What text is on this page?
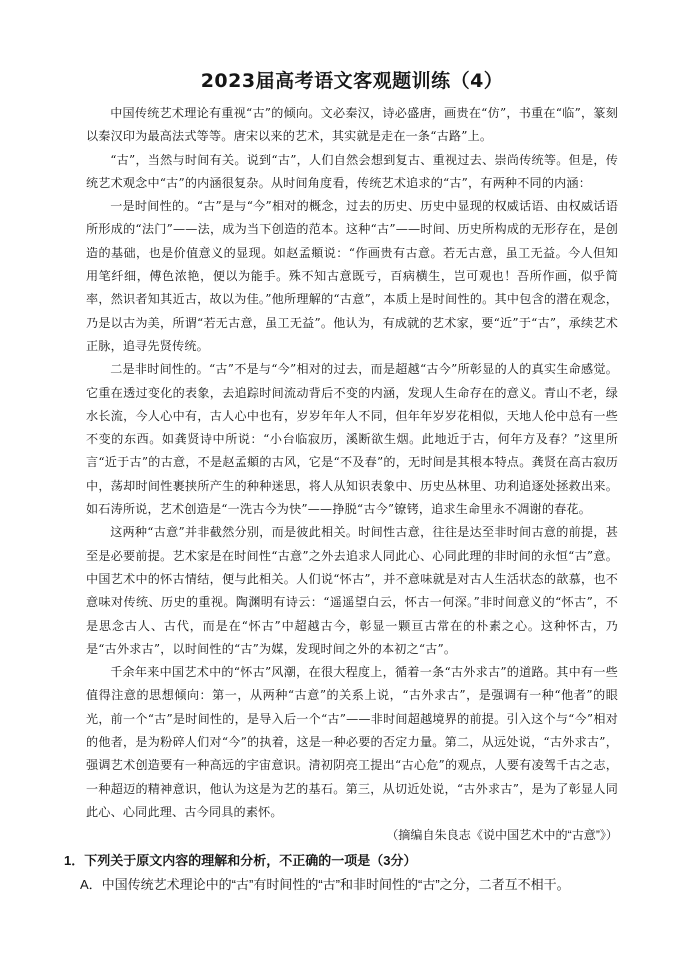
2023届高考语文客观题训练（4）

中国传统艺术理论有重视“古”的倾向。文必秦汉，诗必盛唐，画贵在“仿”，书重在“临”，篆刻以秦汉印为最高法式等等。唐宋以来的艺术，其实就是走在一条“古路”上。

“古”，当然与时间有关。说到“古”，人们自然会想到复古、重视过去、崇尚传统等。但是，传统艺术观念中“古”的内涵很复杂。从时间角度看，传统艺术追求的“古”，有两种不同的内涵：

一是时间性的。“古”是与“今”相对的概念，过去的历史、历史中显现的权威话语、由权威话语所形成的“法门”——法，成为当下创造的范本。这种“古”——时间、历史所构成的无形存在，是创造的基础，也是价值意义的显现。如赵孟頫说：“作画贵有古意。若无古意，虽工无益。今人但知用笔纤细，傅色浓艳，便以为能手。殊不知古意既亏，百病横生，岂可观也！吾所作画，似乎简率，然识者知其近古，故以为佳。”他所理解的“古意”，本质上是时间性的。其中包含的潜在观念，乃是以古为美，所谓“若无古意，虽工无益”。他认为，有成就的艺术家，要“近”于“古”，承续艺术正脉，追寻先贤传统。

二是非时间性的。“古”不是与“今”相对的过去，而是超越“古今”所彰显的人的真实生命感觉。它重在透过变化的表象，去追踪时间流动背后不变的内涵，发现人生命存在的意义。青山不老，绿水长流，今人心中有，古人心中也有，岁岁年年人不同，但年年岁岁花相似，天地人伦中总有一些不变的东西。如龚贤诗中所说：“小台临寂历，溪断欲生烟。此地近于古，何年方及春？”这里所言“近于古”的古意，不是赵孟頫的古风，它是“不及春”的，无时间是其根本特点。龚贤在高古寂历中，荡却时间性裹挟所产生的种种迷思，将人从知识表象中、历史丛林里、功利追逐处拯救出来。如石涛所说，艺术创造是“一洗古今为快”——挣脱“古今”镣铐，追求生命里永不凋谢的春花。

这两种“古意”并非截然分别，而是彼此相关。时间性古意，往往是达至非时间古意的前提，甚至是必要前提。艺术家是在时间性“古意”之外去追求人同此心、心同此理的非时间的永恒“古”意。中国艺术中的怀古情结，便与此相关。人们说“怀古”，并不意味就是对古人生活状态的歆慕，也不意味对传统、历史的重视。陶渊明有诗云：“遥遥望白云，怀古一何深。”非时间意义的“怀古”，不是思念古人、古代，而是在“怀古”中超越古今，彰显一颗亘古常在的朴素之心。这种怀古，乃是“古外求古”，以时间性的“古”为媒，发现时间之外的本初之“古”。

千余年来中国艺术中的“怀古”风潮，在很大程度上，循着一条“古外求古”的道路。其中有一些值得注意的思想倾向：第一，从两种“古意”的关系上说，“古外求古”，是强调有一种“他者”的眼光，前一个“古”是时间性的，是导入后一个“古”——非时间超越境界的前提。引入这个与“今”相对的他者，是为粉碎人们对“今”的执着，这是一种必要的否定力量。第二，从远处说，“古外求古”，强调艺术创造要有一种高远的宇宙意识。清初阴亮工提出“古心危”的观点，人要有凌驾千古之志，一种超迈的精神意识，他认为这是为艺的基石。第三，从切近处说，“古外求古”，是为了彰显人同此心、心同此理、古今同具的素怀。

（摘编自朱良志《说中国艺术中的“古意”》）

1．下列关于原文内容的理解和分析，不正确的一项是（3分）

A．中国传统艺术理论中的“古”有时间性的“古”和非时间性的“古”之分，二者互不相干。
